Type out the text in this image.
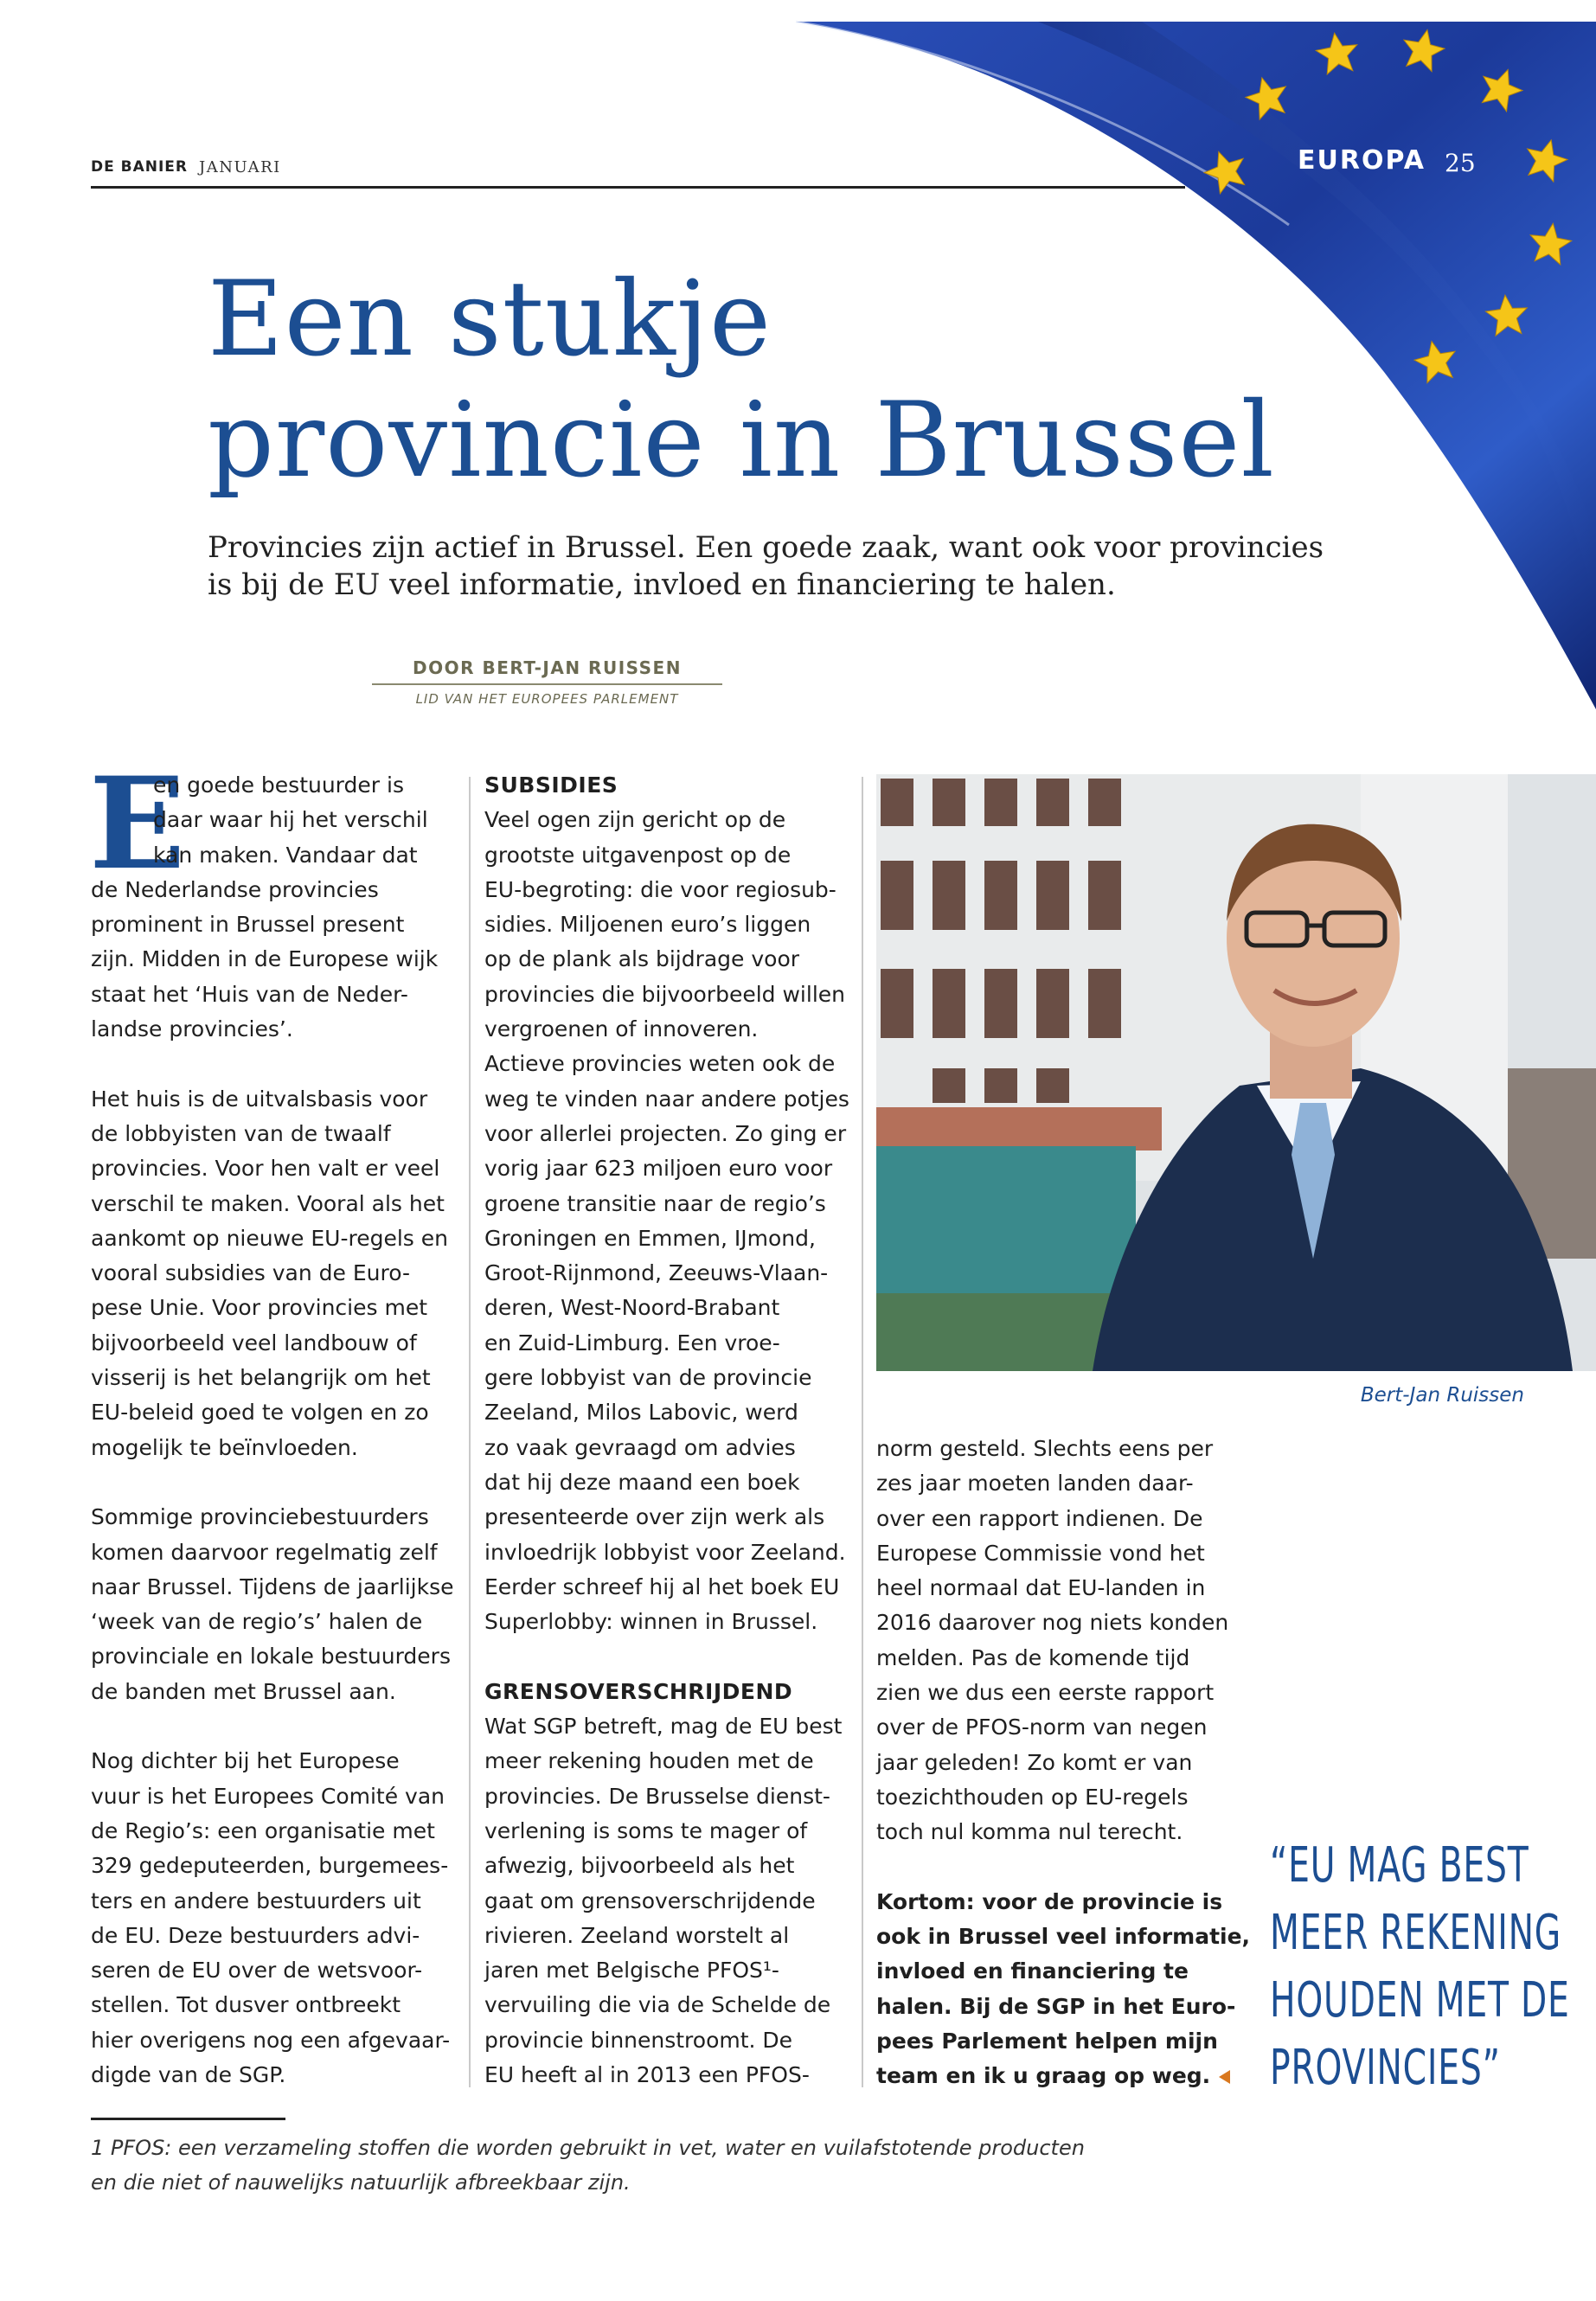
DE BANIER JANUARI	EUROPA 25
Een stukje
provincie in Brussel
Provincies zijn actief in Brussel. Een goede zaak, want ook voor provincies
is bij de EU veel informatie, invloed en financiering te halen.
DOOR BERT-JAN RUISSEN
LID VAN HET EUROPEES PARLEMENT
E
en goede bestuurder is
daar waar hij het verschil
kan maken. Vandaar dat
de Nederlandse provincies
prominent in Brussel present
zijn. Midden in de Europese wijk
staat het ‘Huis van de Neder-
landse provincies’.
Het huis is de uitvalsbasis voor
de lobbyisten van de twaalf
provincies. Voor hen valt er veel
verschil te maken. Vooral als het
aankomt op nieuwe EU-regels en
vooral subsidies van de Euro-
pese Unie. Voor provincies met
bijvoorbeeld veel landbouw of
visserij is het belangrijk om het
EU-beleid goed te volgen en zo
mogelijk te beïnvloeden.
Sommige provinciebestuurders
komen daarvoor regelmatig zelf
naar Brussel. Tijdens de jaarlijkse
‘week van de regio’s’ halen de
provinciale en lokale bestuurders
de banden met Brussel aan.
Nog dichter bij het Europese
vuur is het Europees Comité van
de Regio’s: een organisatie met
329 gedeputeerden, burgemees-
ters en andere bestuurders uit
de EU. Deze bestuurders advi-
seren de EU over de wetsvoor-
stellen. Tot dusver ontbreekt
hier overigens nog een afgevaar-
digde van de SGP.
SUBSIDIES
Veel ogen zijn gericht op de
grootste uitgavenpost op de
EU-begroting: die voor regiosub-
sidies. Miljoenen euro’s liggen
op de plank als bijdrage voor
provincies die bijvoorbeeld willen
vergroenen of innoveren.
Actieve provincies weten ook de
weg te vinden naar andere potjes
voor allerlei projecten. Zo ging er
vorig jaar 623 miljoen euro voor
groene transitie naar de regio’s
Groningen en Emmen, IJmond,
Groot-Rijnmond, Zeeuws-Vlaan-
deren, West-Noord-Brabant
en Zuid-Limburg. Een vroe-
gere lobbyist van de provincie
Zeeland, Milos Labovic, werd
zo vaak gevraagd om advies
dat hij deze maand een boek
presenteerde over zijn werk als
invloedrijk lobbyist voor Zeeland.
Eerder schreef hij al het boek EU
Superlobby: winnen in Brussel.
GRENSOVERSCHRIJDEND
Wat SGP betreft, mag de EU best
meer rekening houden met de
provincies. De Brusselse dienst-
verlening is soms te mager of
afwezig, bijvoorbeeld als het
gaat om grensoverschrijdende
rivieren. Zeeland worstelt al
jaren met Belgische PFOS¹-
vervuiling die via de Schelde de
provincie binnenstroomt. De
EU heeft al in 2013 een PFOS-
Bert-Jan Ruissen
norm gesteld. Slechts eens per
zes jaar moeten landen daar-
over een rapport indienen. De
Europese Commissie vond het
heel normaal dat EU-landen in
2016 daarover nog niets konden
melden. Pas de komende tijd
zien we dus een eerste rapport
over de PFOS-norm van negen
jaar geleden! Zo komt er van
toezichthouden op EU-regels
toch nul komma nul terecht.
Kortom: voor de provincie is
ook in Brussel veel informatie,
invloed en financiering te
halen. Bij de SGP in het Euro-
pees Parlement helpen mijn
team en ik u graag op weg.
“EU MAG BEST
MEER REKENING
HOUDEN MET DE
PROVINCIES”
1 PFOS: een verzameling stoffen die worden gebruikt in vet, water en vuilafstotende producten
en die niet of nauwelijks natuurlijk afbreekbaar zijn.
